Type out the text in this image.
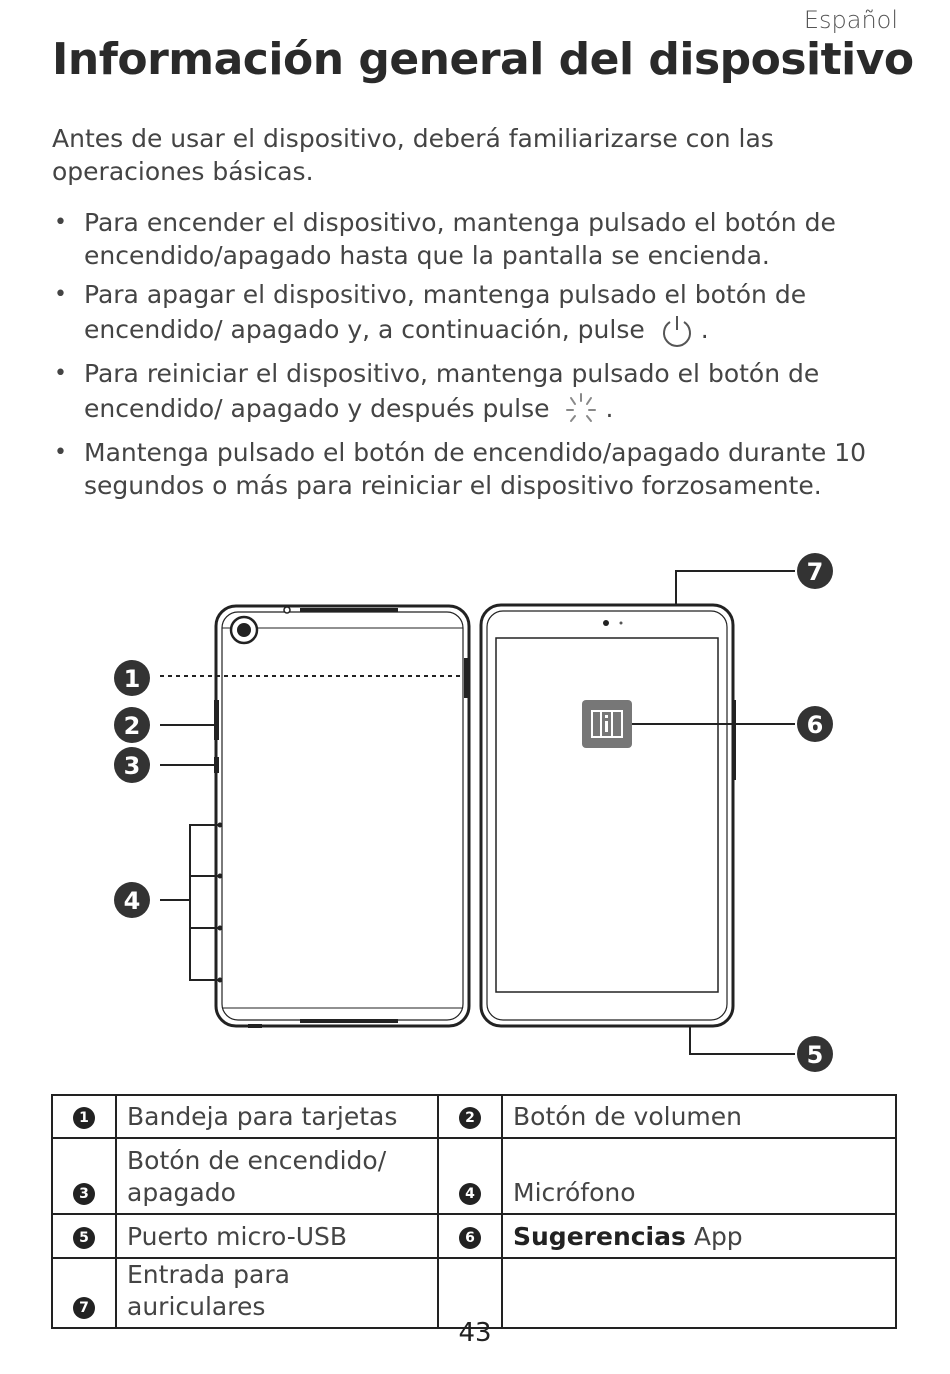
Español
Información general del dispositivo

Antes de usar el dispositivo, deberá familiarizarse con las operaciones básicas.

• Para encender el dispositivo, mantenga pulsado el botón de encendido/apagado hasta que la pantalla se encienda.
• Para apagar el dispositivo, mantenga pulsado el botón de encendido/ apagado y, a continuación, pulse .
• Para reiniciar el dispositivo, mantenga pulsado el botón de encendido/ apagado y después pulse .
• Mantenga pulsado el botón de encendido/apagado durante 10 segundos o más para reiniciar el dispositivo forzosamente.
1
2
3
4
5
6
7
1	Bandeja para tarjetas	2	Botón de volumen

3	Botón de encendido/ apagado	4	Micrófono

5	Puerto micro-USB	6	Sugerencias App

7	Entrada para auriculares		

43
